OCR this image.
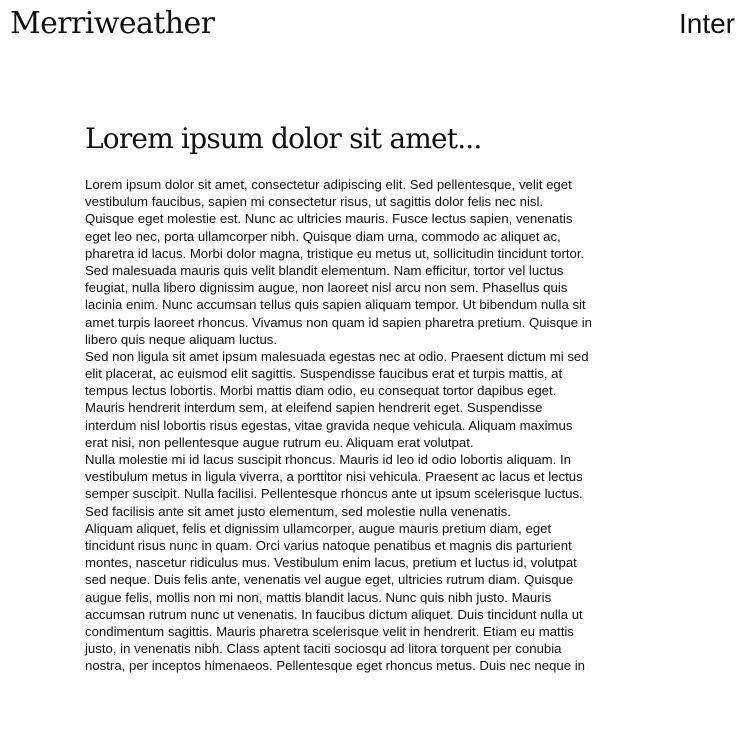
Merriweather	Inter
Lorem ipsum dolor sit amet...
Lorem ipsum dolor sit amet, consectetur adipiscing elit. Sed pellentesque, velit eget
vestibulum faucibus, sapien mi consectetur risus, ut sagittis dolor felis nec nisl.
Quisque eget molestie est. Nunc ac ultricies mauris. Fusce lectus sapien, venenatis
eget leo nec, porta ullamcorper nibh. Quisque diam urna, commodo ac aliquet ac,
pharetra id lacus. Morbi dolor magna, tristique eu metus ut, sollicitudin tincidunt tortor.
Sed malesuada mauris quis velit blandit elementum. Nam efficitur, tortor vel luctus
feugiat, nulla libero dignissim augue, non laoreet nisl arcu non sem. Phasellus quis
lacinia enim. Nunc accumsan tellus quis sapien aliquam tempor. Ut bibendum nulla sit
amet turpis laoreet rhoncus. Vivamus non quam id sapien pharetra pretium. Quisque in
libero quis neque aliquam luctus.
Sed non ligula sit amet ipsum malesuada egestas nec at odio. Praesent dictum mi sed
elit placerat, ac euismod elit sagittis. Suspendisse faucibus erat et turpis mattis, at
tempus lectus lobortis. Morbi mattis diam odio, eu consequat tortor dapibus eget.
Mauris hendrerit interdum sem, at eleifend sapien hendrerit eget. Suspendisse
interdum nisl lobortis risus egestas, vitae gravida neque vehicula. Aliquam maximus
erat nisi, non pellentesque augue rutrum eu. Aliquam erat volutpat.
Nulla molestie mi id lacus suscipit rhoncus. Mauris id leo id odio lobortis aliquam. In
vestibulum metus in ligula viverra, a porttitor nisi vehicula. Praesent ac lacus et lectus
semper suscipit. Nulla facilisi. Pellentesque rhoncus ante ut ipsum scelerisque luctus.
Sed facilisis ante sit amet justo elementum, sed molestie nulla venenatis.
Aliquam aliquet, felis et dignissim ullamcorper, augue mauris pretium diam, eget
tincidunt risus nunc in quam. Orci varius natoque penatibus et magnis dis parturient
montes, nascetur ridiculus mus. Vestibulum enim lacus, pretium et luctus id, volutpat
sed neque. Duis felis ante, venenatis vel augue eget, ultricies rutrum diam. Quisque
augue felis, mollis non mi non, mattis blandit lacus. Nunc quis nibh justo. Mauris
accumsan rutrum nunc ut venenatis. In faucibus dictum aliquet. Duis tincidunt nulla ut
condimentum sagittis. Mauris pharetra scelerisque velit in hendrerit. Etiam eu mattis
justo, in venenatis nibh. Class aptent taciti sociosqu ad litora torquent per conubia
nostra, per inceptos himenaeos. Pellentesque eget rhoncus metus. Duis nec neque in
